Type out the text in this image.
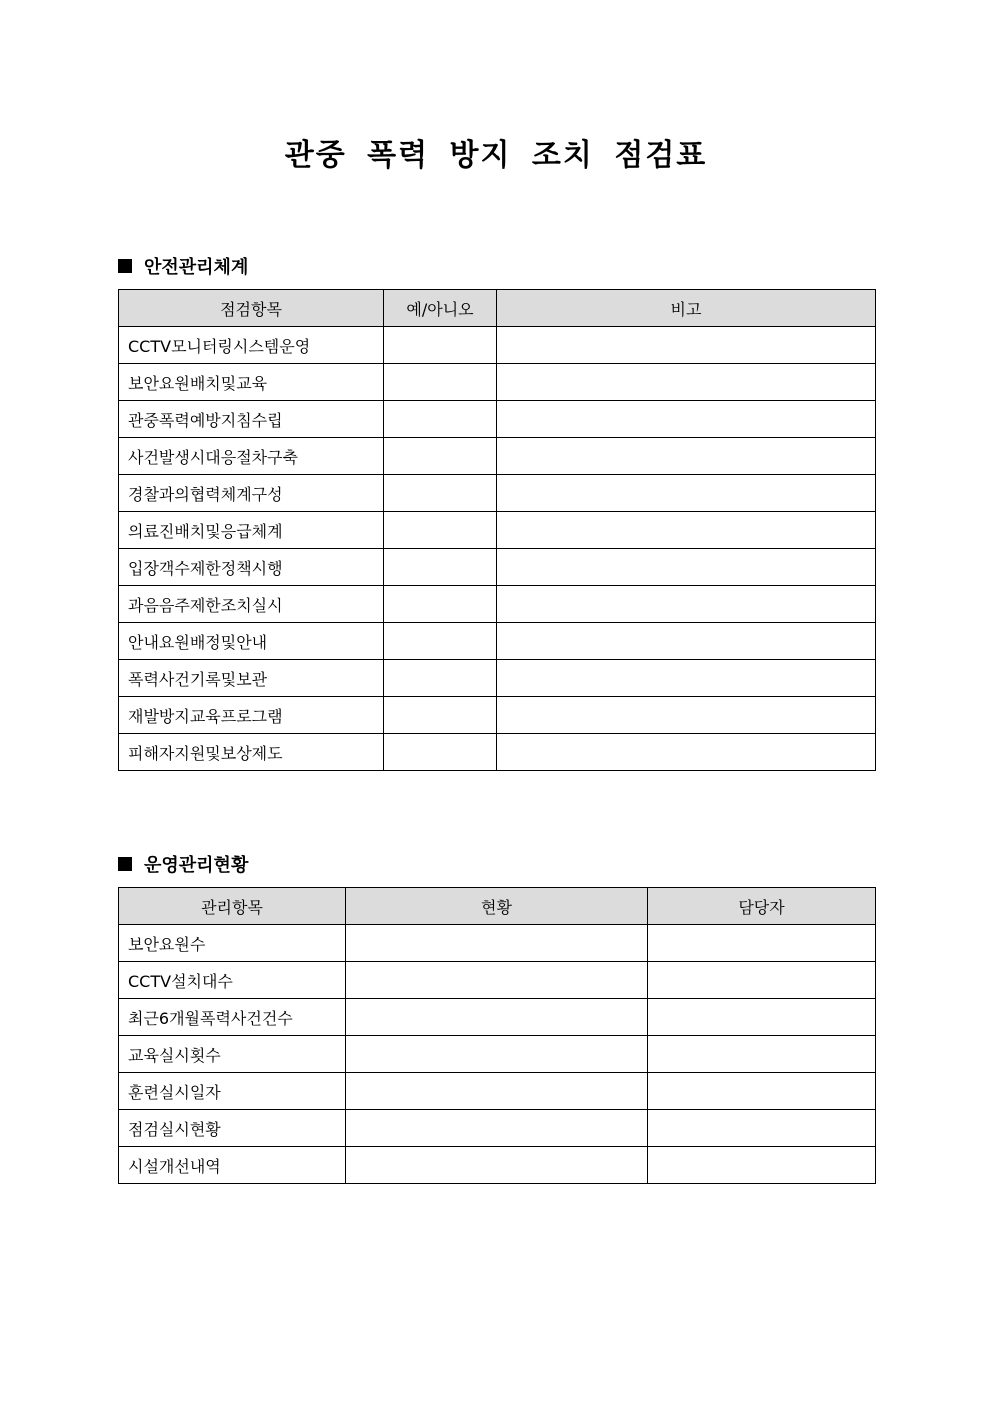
관중 폭력 방지 조치 점검표
안전관리체계
점검항목	예/아니오	비고
CCTV모니터링시스템운영		
보안요원배치및교육		
관중폭력예방지침수립		
사건발생시대응절차구축		
경찰과의협력체계구성		
의료진배치및응급체계		
입장객수제한정책시행		
과음음주제한조치실시		
안내요원배정및안내		
폭력사건기록및보관		
재발방지교육프로그램		
피해자지원및보상제도		
운영관리현황
관리항목	현황	담당자
보안요원수		
CCTV설치대수		
최근6개월폭력사건건수		
교육실시횟수		
훈련실시일자		
점검실시현황		
시설개선내역		
